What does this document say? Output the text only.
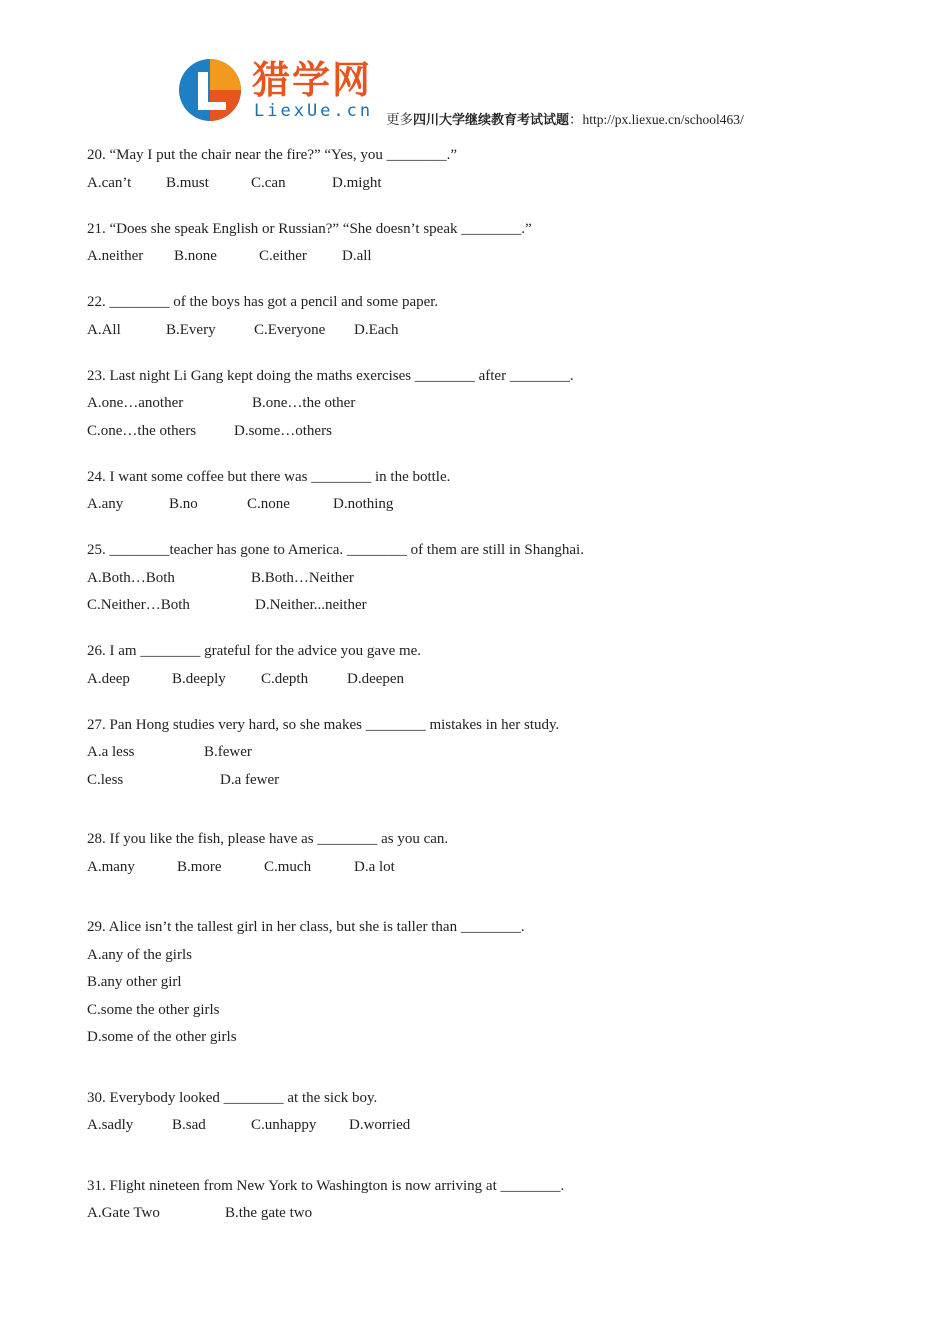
猎学网
LiexUe.cn 更多四川大学继续教育考试试题：http://px.liexue.cn/school463/

20. “May I put the chair near the fire?” “Yes, you ________.”

A.can’t B.must	C.can	D.might

21. “Does she speak English or Russian?” “She doesn’t speak ________.”

A.neither B.none	C.either D.all

22. ________ of the boys has got a pencil and some paper.

A.All	B.Every	C.Everyone D.Each

23. Last night Li Gang kept doing the maths exercises ________ after ________.

A.one…another	B.one…the other
C.one…the others	D.some…others

24. I want some coffee but there was ________ in the bottle.

A.any	B.no	C.none	D.nothing

25. ________teacher has gone to America. ________ of them are still in Shanghai.

A.Both…Both	B.Both…Neither
C.Neither…Both	D.Neither...neither

26. I am ________ grateful for the advice you gave me.

A.deep	B.deeply C.depth	D.deepen

27. Pan Hong studies very hard, so she makes ________ mistakes in her study.

A.a less	B.fewer
C.less	D.a fewer

28. If you like the fish, please have as ________ as you can.

A.many	B.more	C.much	D.a lot

29. Alice isn’t the tallest girl in her class, but she is taller than ________.

A.any of the girls
B.any other girl
C.some the other girls
D.some of the other girls

30. Everybody looked ________ at the sick boy.

A.sadly	B.sad	C.unhappy D.worried

31. Flight nineteen from New York to Washington is now arriving at ________.

A.Gate Two	B.the gate two
